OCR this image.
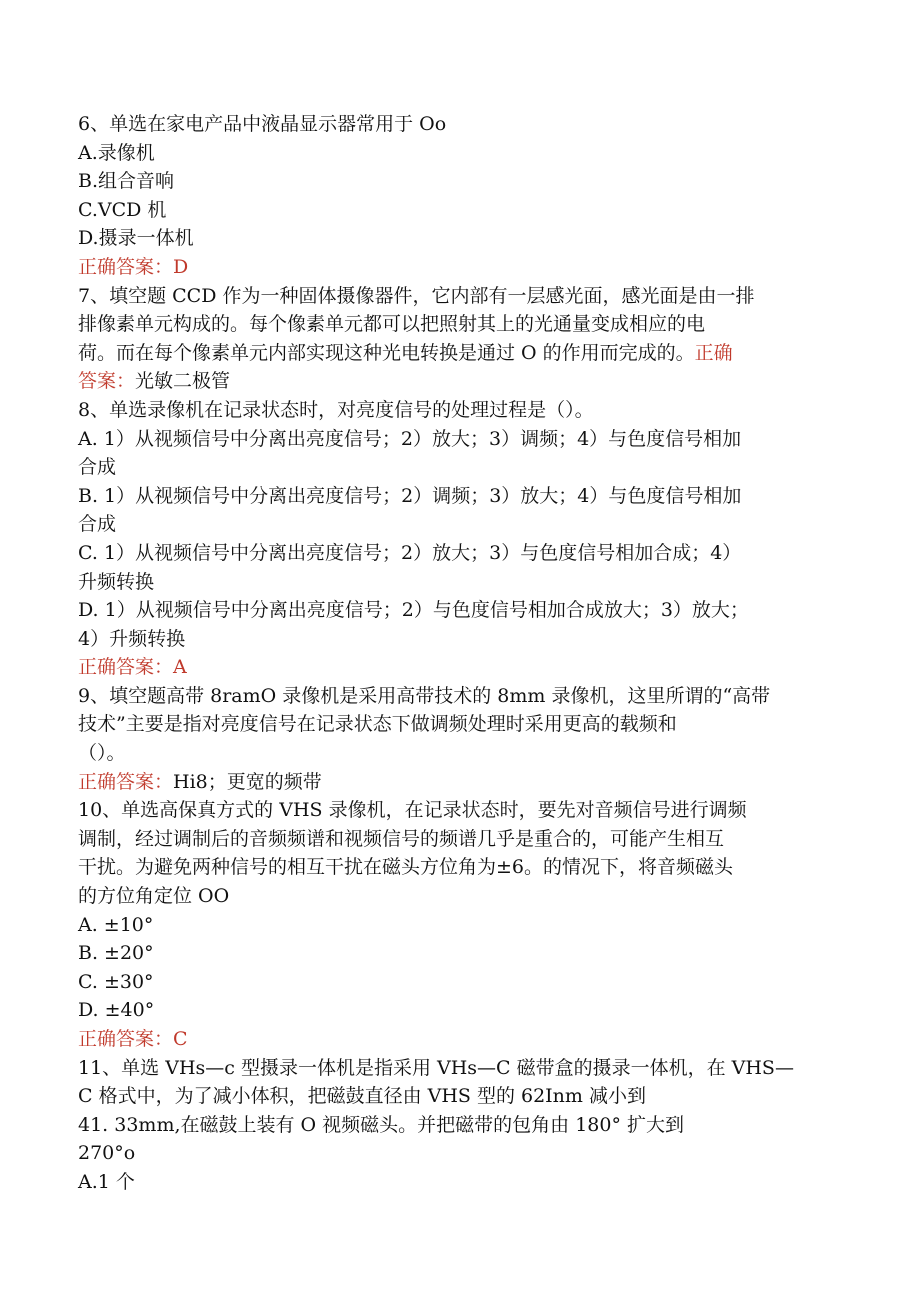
6、单选在家电产品中液晶显示器常用于 Oo
A.录像机
B.组合音响
C.VCD 机
D.摄录一体机
正确答案：D
7、填空题 CCD 作为一种固体摄像器件，它内部有一层感光面，感光面是由一排
排像素单元构成的。每个像素单元都可以把照射其上的光通量变成相应的电
荷。而在每个像素单元内部实现这种光电转换是通过 O 的作用而完成的。正确
答案：光敏二极管
8、单选录像机在记录状态时，对亮度信号的处理过程是（）。
A. 1）从视频信号中分离出亮度信号；2）放大；3）调频；4）与色度信号相加
合成
B. 1）从视频信号中分离出亮度信号；2）调频；3）放大；4）与色度信号相加
合成
C. 1）从视频信号中分离出亮度信号；2）放大；3）与色度信号相加合成；4）
升频转换
D. 1）从视频信号中分离出亮度信号；2）与色度信号相加合成放大；3）放大；
4）升频转换
正确答案：A
9、填空题高带 8ramO 录像机是采用高带技术的 8mm 录像机，这里所谓的“高带
技术”主要是指对亮度信号在记录状态下做调频处理时采用更高的载频和
（）。
正确答案：Hi8；更宽的频带
10、单选高保真方式的 VHS 录像机，在记录状态时，要先对音频信号进行调频
调制，经过调制后的音频频谱和视频信号的频谱几乎是重合的，可能产生相互
干扰。为避免两种信号的相互干扰在磁头方位角为±6。的情况下，将音频磁头
的方位角定位 OO
A. ±10°
B. ±20°
C. ±30°
D. ±40°
正确答案：C
11、单选 VHs—c 型摄录一体机是指采用 VHs—C 磁带盒的摄录一体机，在 VHS—
C 格式中，为了减小体积，把磁鼓直径由 VHS 型的 62Inm 减小到
41. 33mm,在磁鼓上装有 O 视频磁头。并把磁带的包角由 180° 扩大到
270°o
A.1 个
